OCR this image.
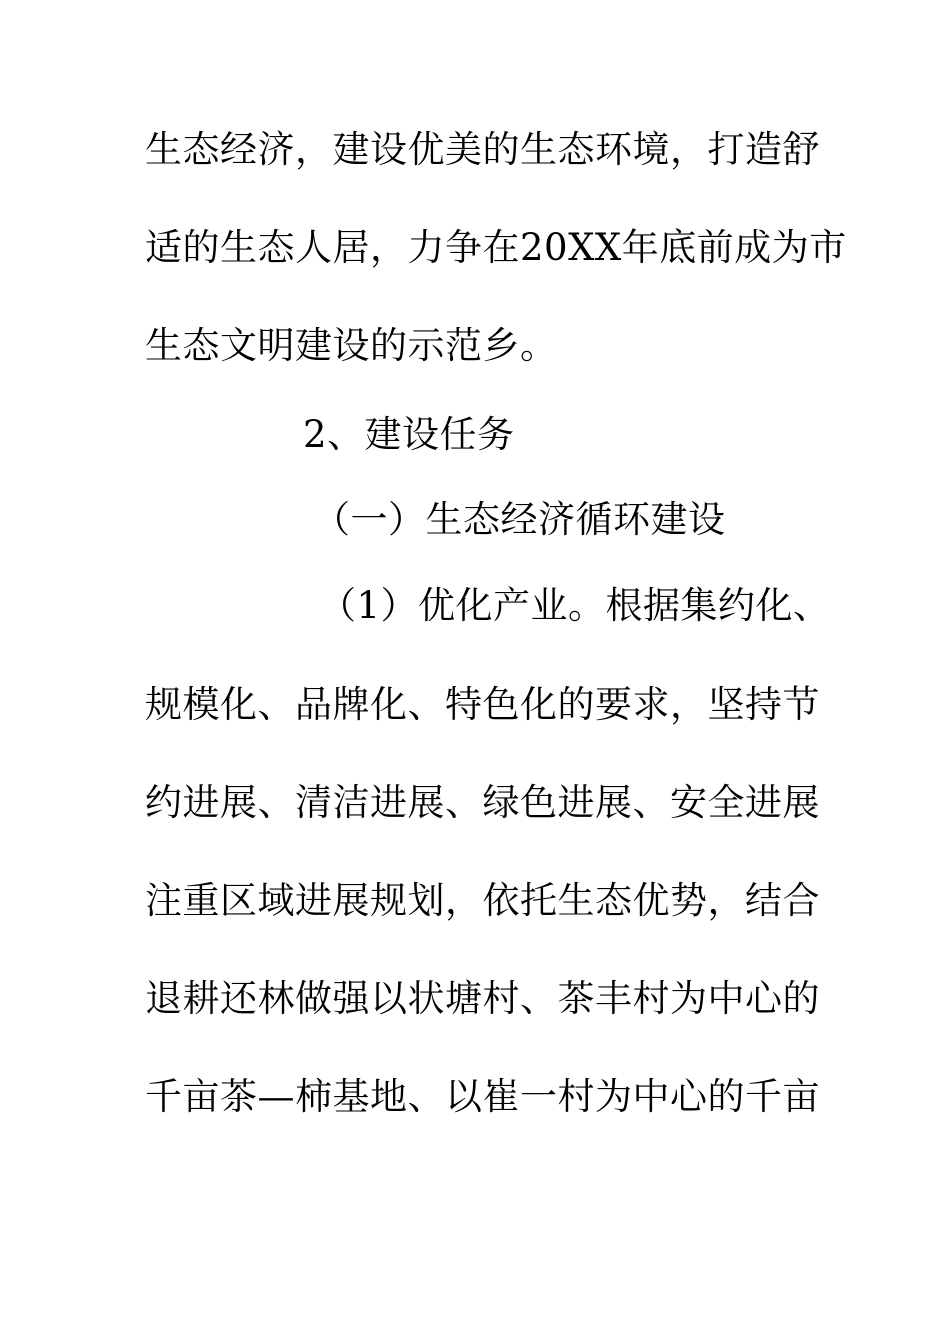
生态经济，建设优美的生态环境，打造舒
适的生态人居，力争在20XX年底前成为市
生态文明建设的示范乡。
2、建设任务
（一）生态经济循环建设
（1）优化产业。根据集约化、
规模化、品牌化、特色化的要求，坚持节
约进展、清洁进展、绿色进展、安全进展
注重区域进展规划，依托生态优势，结合
退耕还林做强以状塘村、茶丰村为中心的
千亩茶—柿基地、以崔一村为中心的千亩
